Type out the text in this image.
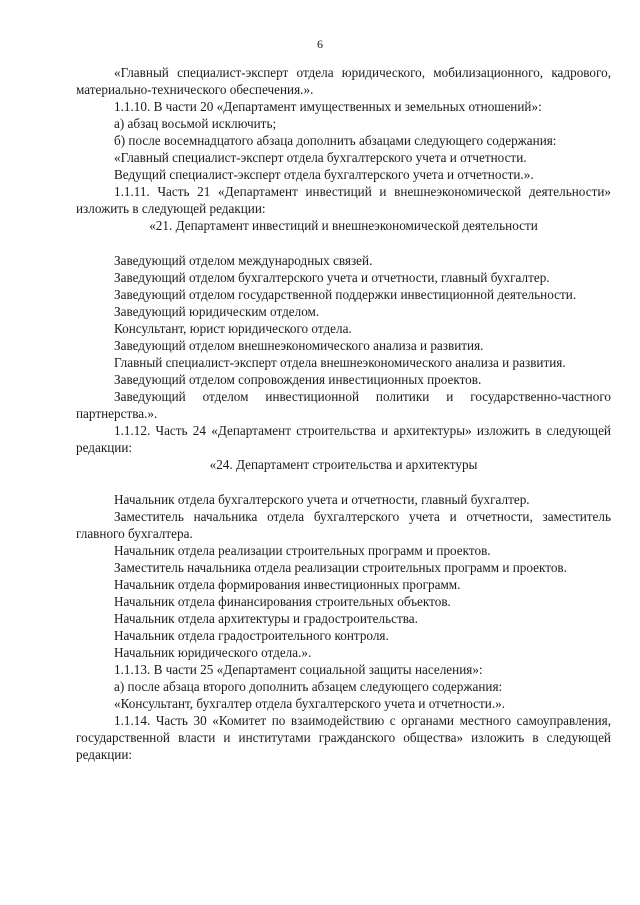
6
«Главный специалист-эксперт отдела юридического, мобилизационного, кадрового, материально-технического обеспечения.».
1.1.10. В части 20 «Департамент имущественных и земельных отношений»:
а) абзац восьмой исключить;
б) после восемнадцатого абзаца дополнить абзацами следующего содержания:
«Главный специалист-эксперт отдела бухгалтерского учета и отчетности.
Ведущий специалист-эксперт отдела бухгалтерского учета и отчетности.».
1.1.11. Часть 21 «Департамент инвестиций и внешнеэкономической деятельности» изложить в следующей редакции:
«21. Департамент инвестиций и внешнеэкономической деятельности
Заведующий отделом международных связей.
Заведующий отделом бухгалтерского учета и отчетности, главный бухгалтер.
Заведующий отделом государственной поддержки инвестиционной деятельности.
Заведующий юридическим отделом.
Консультант, юрист юридического отдела.
Заведующий отделом внешнеэкономического анализа и развития.
Главный специалист-эксперт отдела внешнеэкономического анализа и развития.
Заведующий отделом сопровождения инвестиционных проектов.
Заведующий отделом инвестиционной политики и государственно-частного партнерства.».
1.1.12. Часть 24 «Департамент строительства и архитектуры» изложить в следующей редакции:
«24. Департамент строительства и архитектуры
Начальник отдела бухгалтерского учета и отчетности, главный бухгалтер.
Заместитель начальника отдела бухгалтерского учета и отчетности, заместитель главного бухгалтера.
Начальник отдела реализации строительных программ и проектов.
Заместитель начальника отдела реализации строительных программ и проектов.
Начальник отдела формирования инвестиционных программ.
Начальник отдела финансирования строительных объектов.
Начальник отдела архитектуры и градостроительства.
Начальник отдела градостроительного контроля.
Начальник юридического отдела.».
1.1.13. В части 25 «Департамент социальной защиты населения»:
а) после абзаца второго дополнить абзацем следующего содержания:
«Консультант, бухгалтер отдела бухгалтерского учета и отчетности.».
1.1.14. Часть 30 «Комитет по взаимодействию с органами местного самоуправления, государственной власти и институтами гражданского общества» изложить в следующей редакции:
